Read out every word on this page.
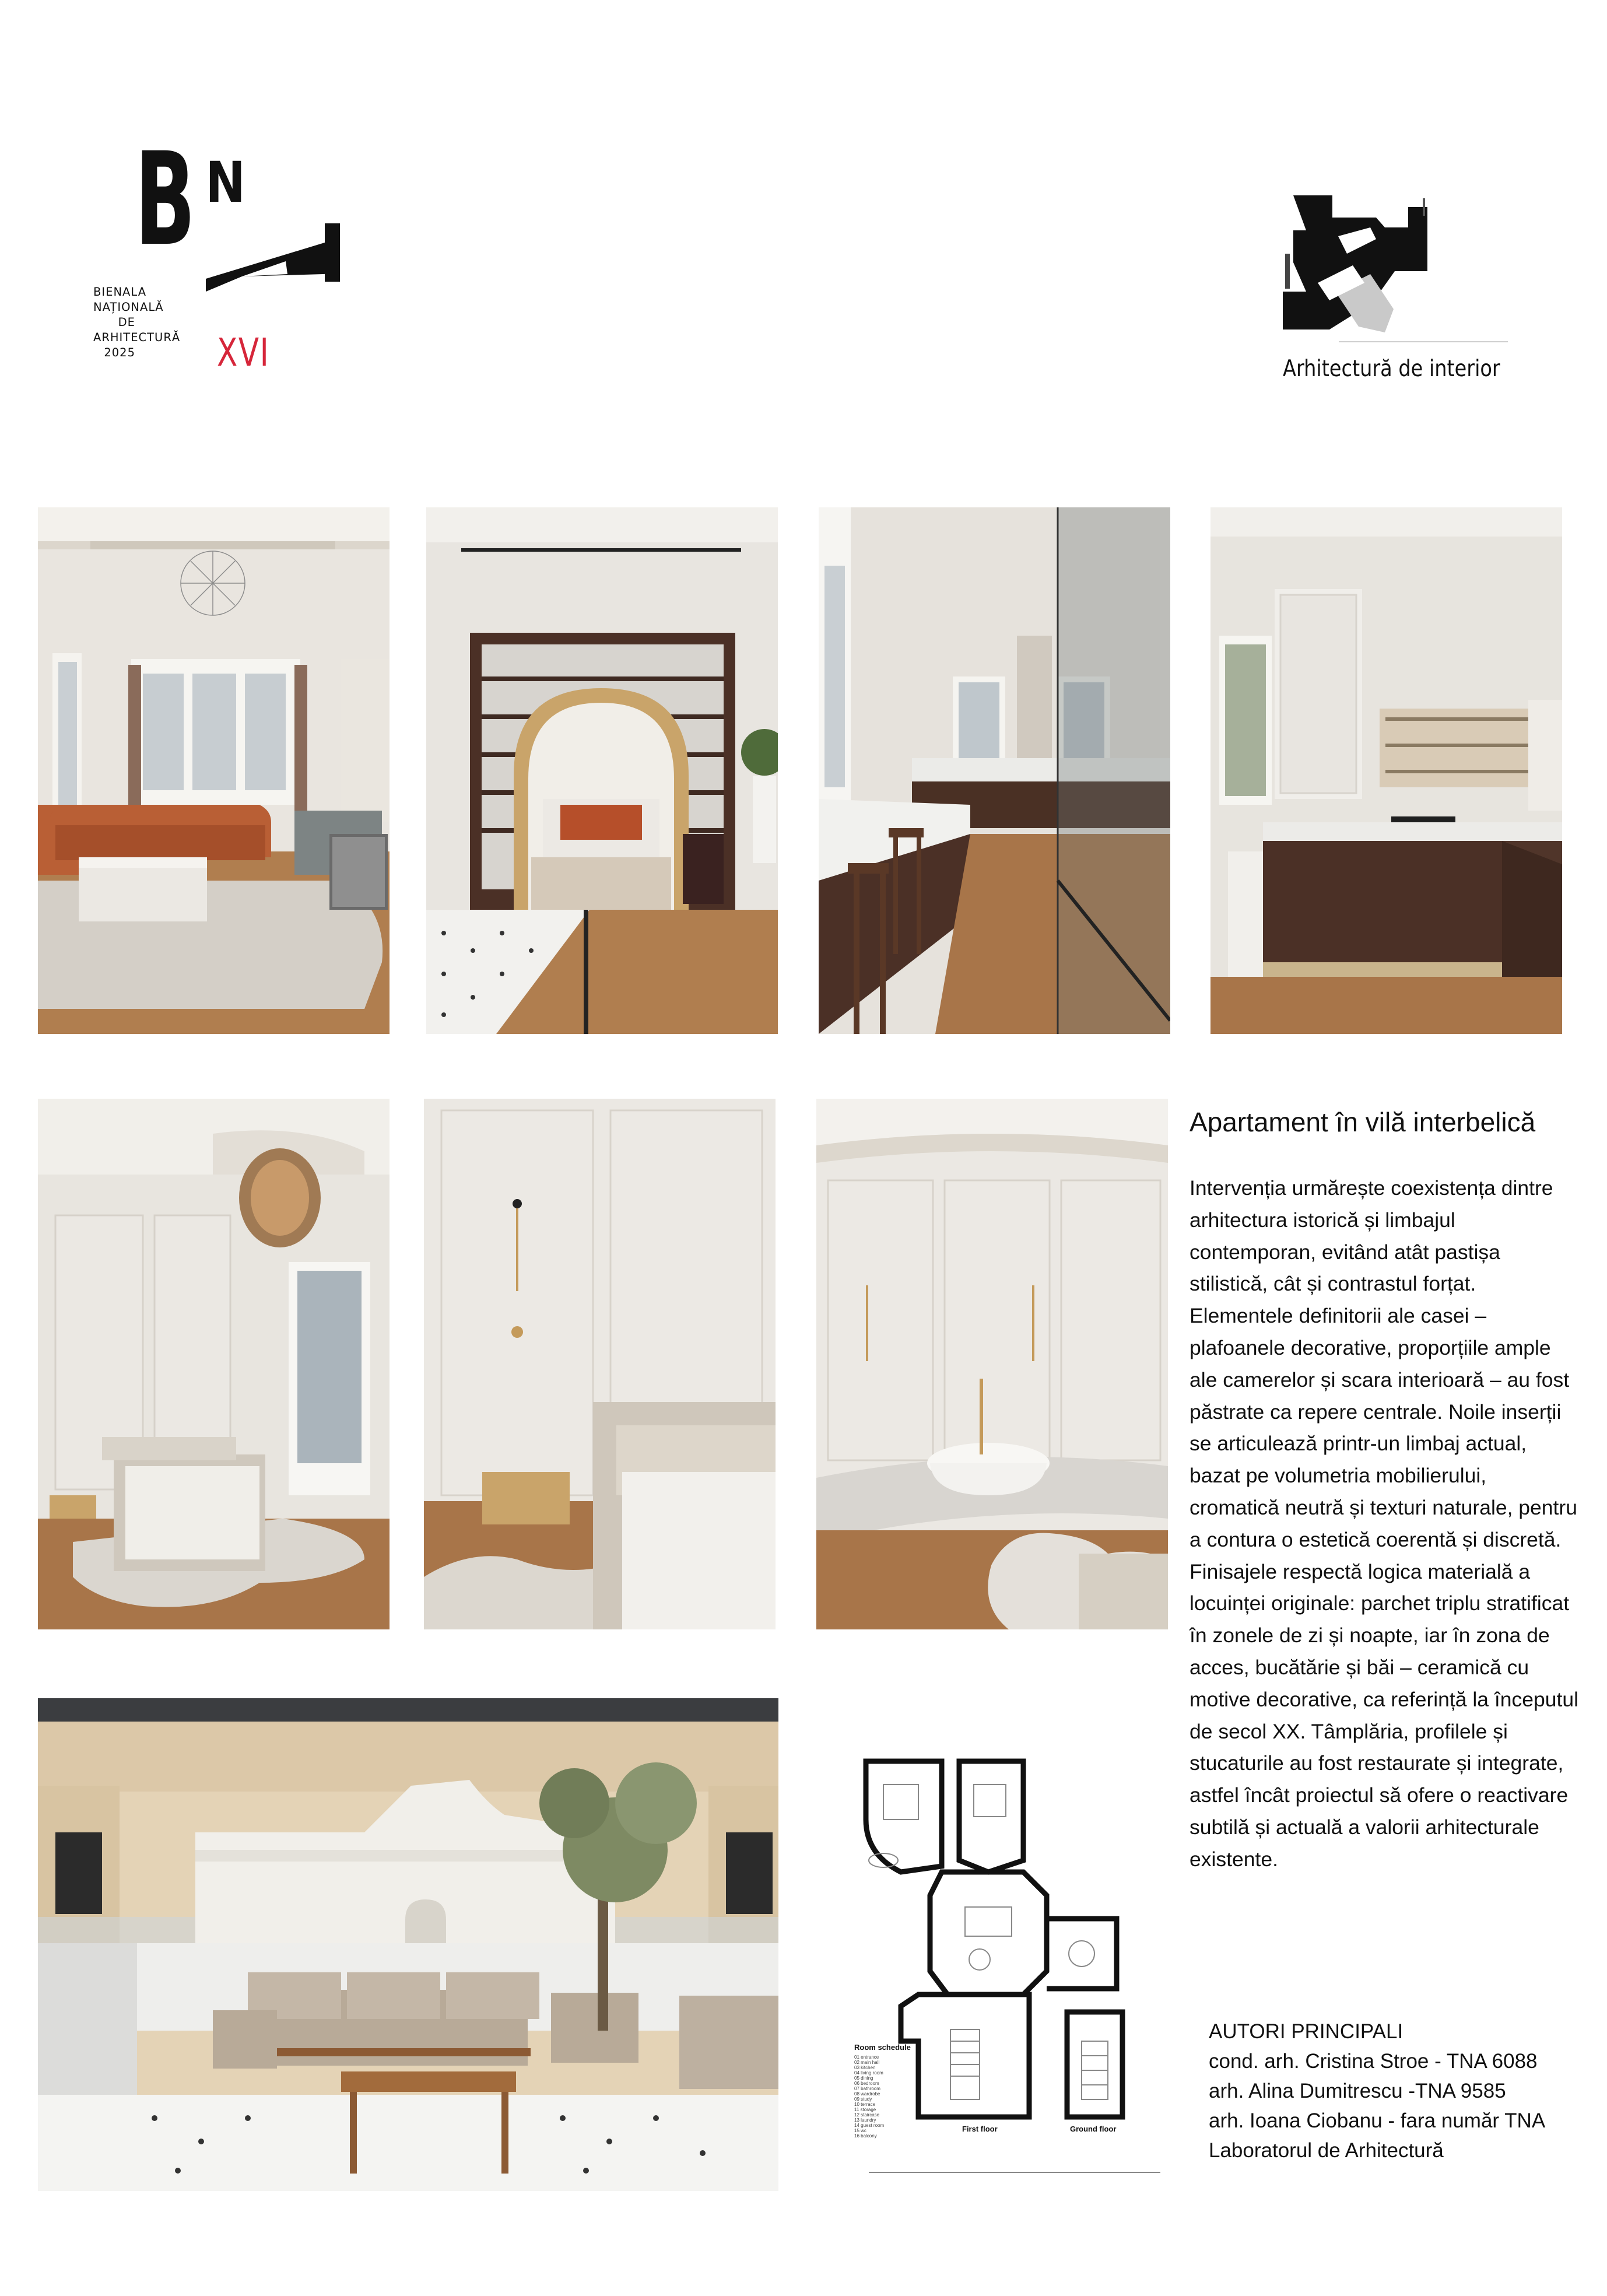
B N
BIENALA
NAȚIONALĂ
DE
ARHITECTURĂ
2025 XVI	Arhitectură de interior
Room schedule
01 entrance
02 main hall
03 kitchen
04 living room
05 dining
06 bedroom
07 bathroom
08 wardrobe
09 study
10 terrace
11 storage
12 staircase
13 laundry
14 guest room
15 wc
16 balcony
First floor	Ground floor
Apartament în vilă interbelică
Intervenția urmărește coexistența dintre arhitectura istorică și limbajul contemporan, evitând atât pastișa stilistică, cât și contrastul forțat. Elementele definitorii ale casei – plafoanele decorative, proporțiile ample ale camerelor și scara interioară – au fost păstrate ca repere centrale. Noile inserții se articulează printr-un limbaj actual, bazat pe volumetria mobilierului, cromatică neutră și texturi naturale, pentru a contura o estetică coerentă și discretă. Finisajele respectă logica materială a locuinței originale: parchet triplu stratificat în zonele de zi și noapte, iar în zona de acces, bucătărie și băi – ceramică cu motive decorative, ca referință la începutul de secol XX. Tâmplăria, profilele și stucaturile au fost restaurate și integrate, astfel încât proiectul să ofere o reactivare subtilă și actuală a valorii arhitecturale existente.
AUTORI PRINCIPALI
cond. arh. Cristina Stroe - TNA 6088
arh. Alina Dumitrescu -TNA 9585
arh. Ioana Ciobanu - fara număr TNA
Laboratorul de Arhitectură
